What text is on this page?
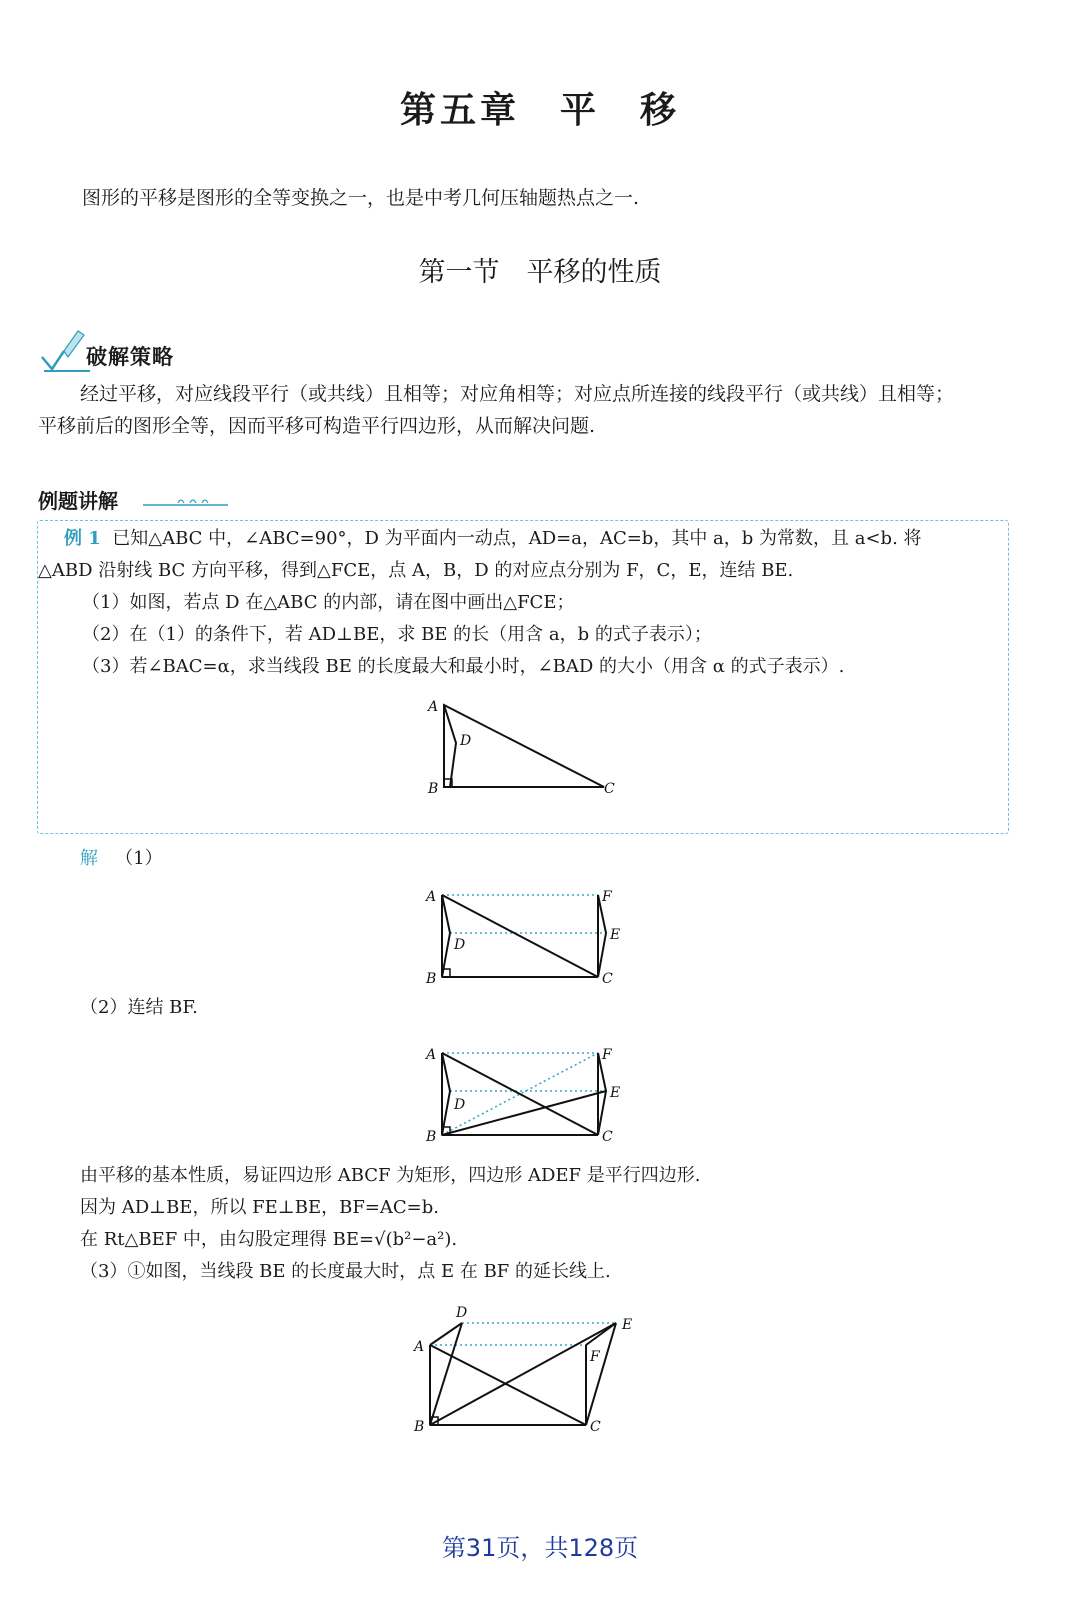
第五章　平　移
图形的平移是图形的全等变换之一，也是中考几何压轴题热点之一.
第一节　平移的性质
破解策略
经过平移，对应线段平行（或共线）且相等；对应角相等；对应点所连接的线段平行（或共线）且相等；
平移前后的图形全等，因而平移可构造平行四边形，从而解决问题.
例题讲解
例 1 已知△ABC 中，∠ABC=90°，D 为平面内一动点，AD=a，AC=b，其中 a，b 为常数，且 a<b. 将
△ABD 沿射线 BC 方向平移，得到△FCE，点 A，B，D 的对应点分别为 F，C，E，连结 BE.
（1）如图，若点 D 在△ABC 的内部，请在图中画出△FCE；
（2）在（1）的条件下，若 AD⊥BE，求 BE 的长（用含 a，b 的式子表示）；
（3）若∠BAC=α，求当线段 BE 的长度最大和最小时，∠BAD 的大小（用含 α 的式子表示）.
A
D
B	C
解 （1）
A
D
B	C
F
E
（2）连结 BF.
A
D
B	C
F
E
由平移的基本性质，易证四边形 ABCF 为矩形，四边形 ADEF 是平行四边形.
因为 AD⊥BE，所以 FE⊥BE，BF=AC=b.
在 Rt△BEF 中，由勾股定理得 BE=√(b²−a²).
（3）①如图，当线段 BE 的长度最大时，点 E 在 BF 的延长线上.
D
A
B	C
E
F
第31页，共128页
